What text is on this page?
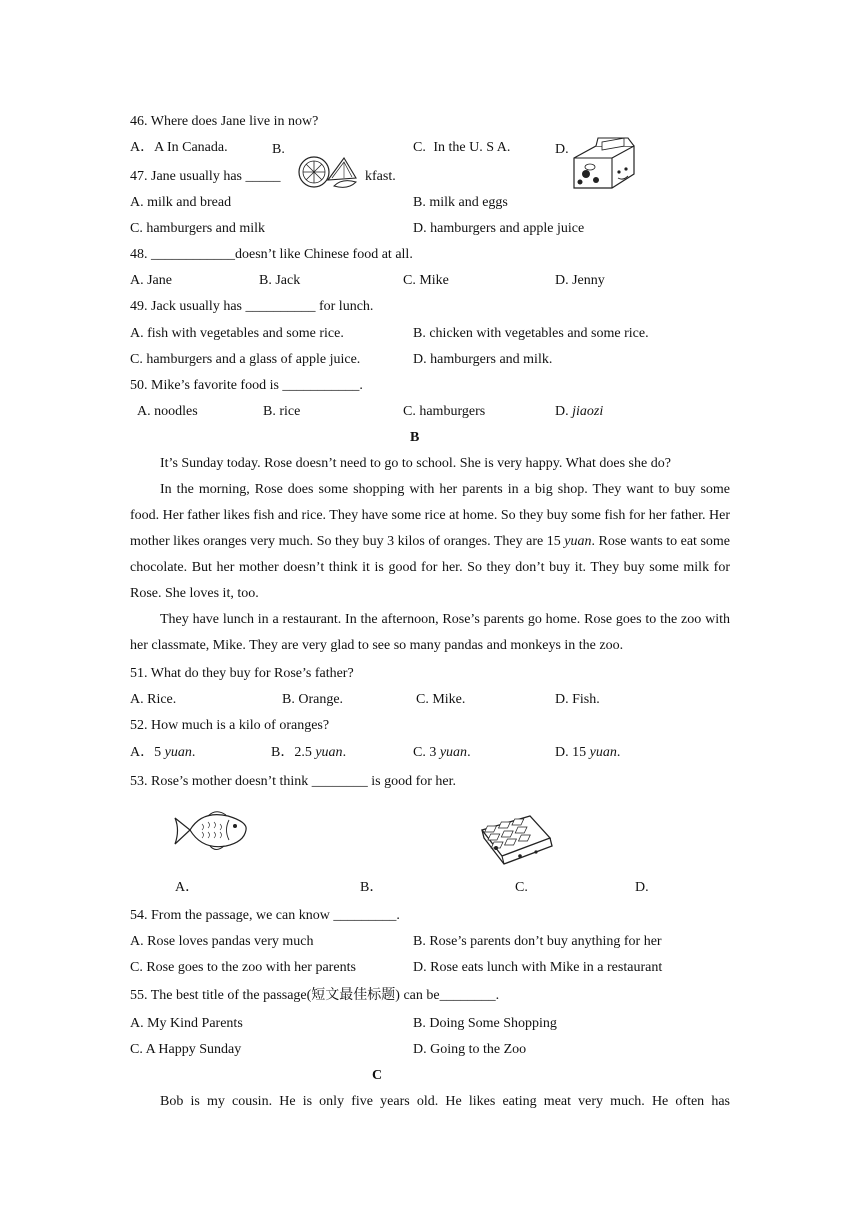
46. Where does Jane live in now?
A．A In Canada.	B.	C. In the U. S A.	D.
47. Jane usually has _____	kfast.
A. milk and bread	B. milk and eggs
C. hamburgers and milk	D. hamburgers and apple juice
48. ____________doesn’t like Chinese food at all.
A. Jane	B. Jack	C. Mike	D. Jenny
49. Jack usually has __________ for lunch.
A. fish with vegetables and some rice.	B. chicken with vegetables and some rice.
C. hamburgers and a glass of apple juice.	D. hamburgers and milk.
50. Mike’s favorite food is ___________.
A. noodles	B. rice	C. hamburgers	D. jiaozi
B
It’s Sunday today. Rose doesn’t need to go to school. She is very happy. What does she do?
In the morning, Rose does some shopping with her parents in a big shop. They want to buy some food. Her father likes fish and rice. They have some rice at home. So they buy some fish for her father. Her mother likes oranges very much. So they buy 3 kilos of oranges. They are 15 yuan. Rose wants to eat some chocolate. But her mother doesn’t think it is good for her. So they don’t buy it. They buy some milk for Rose. She loves it, too.
They have lunch in a restaurant. In the afternoon, Rose’s parents go home. Rose goes to the zoo with her classmate, Mike. They are very glad to see so many pandas and monkeys in the zoo.
51. What do they buy for Rose’s father?
A. Rice.	B. Orange.	C. Mike.	D. Fish.
52. How much is a kilo of oranges?
A．5 yuan.	B．2.5 yuan.	C. 3 yuan.	D. 15 yuan.
53. Rose’s mother doesn’t think ________ is good for her.
A．	B．	C.	D.
54. From the passage, we can know _________.
A. Rose loves pandas very much	B. Rose’s parents don’t buy anything for her
C. Rose goes to the zoo with her parents	D. Rose eats lunch with Mike in a restaurant
55. The best title of the passage(短文最佳标题) can be________.
A. My Kind Parents	B. Doing Some Shopping
C. A Happy Sunday	D. Going to the Zoo
C
Bob is my cousin. He is only five years old. He likes eating meat very much. He often has
